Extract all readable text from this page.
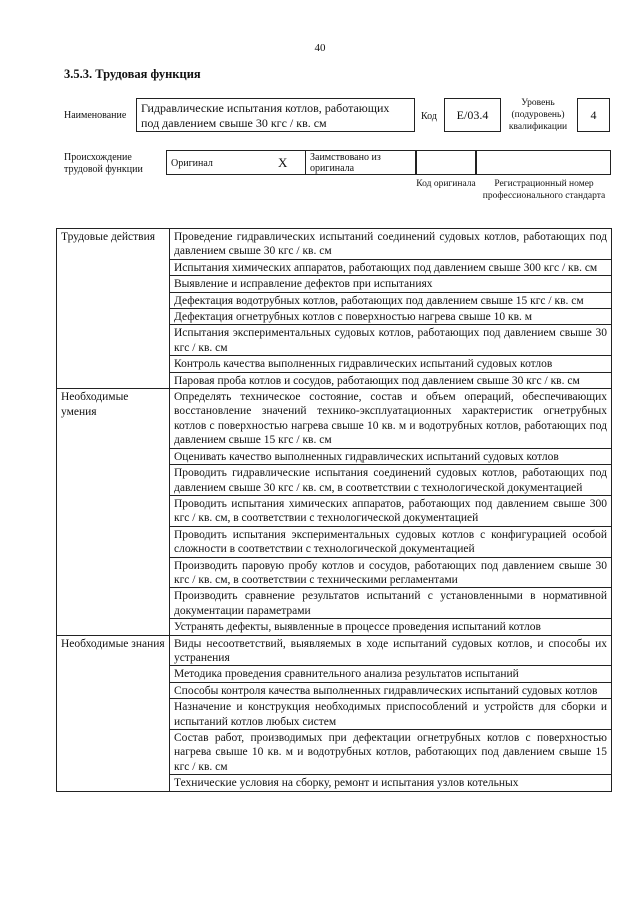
40
3.5.3. Трудовая функция
Наименование
Гидравлические испытания котлов, работающих под давлением свыше 30 кгс / кв. см	Код	E/03.4
Уровень (подуровень) квалификации
4
Происхождение трудовой функции
Оригинал	X	Заимствовано из оригинала
Код оригинала	Регистрационный номер профессионального стандарта
Трудовые действия	Проведение гидравлических испытаний соединений судовых котлов, работающих под давлением свыше 30 кгс / кв. см
	Испытания химических аппаратов, работающих под давлением свыше 300 кгс / кв. см
	Выявление и исправление дефектов при испытаниях
	Дефектация водотрубных котлов, работающих под давлением свыше 15 кгс / кв. см
	Дефектация огнетрубных котлов с поверхностью нагрева свыше 10 кв. м
	Испытания экспериментальных судовых котлов, работающих под давлением свыше 30 кгс / кв. см
	Контроль качества выполненных гидравлических испытаний судовых котлов
	Паровая проба котлов и сосудов, работающих под давлением свыше 30 кгс / кв. см
Необходимые умения	Определять техническое состояние, состав и объем операций, обеспечивающих восстановление значений технико-эксплуатационных характеристик огнетрубных котлов с поверхностью нагрева свыше 10 кв. м и водотрубных котлов, работающих под давлением свыше 15 кгс / кв. см
	Оценивать качество выполненных гидравлических испытаний судовых котлов
	Проводить гидравлические испытания соединений судовых котлов, работающих под давлением свыше 30 кгс / кв. см, в соответствии с технологической документацией
	Проводить испытания химических аппаратов, работающих под давлением свыше 300 кгс / кв. см, в соответствии с технологической документацией
	Проводить испытания экспериментальных судовых котлов с конфигурацией особой сложности в соответствии с технологической документацией
	Производить паровую пробу котлов и сосудов, работающих под давлением свыше 30 кгс / кв. см, в соответствии с техническими регламентами
	Производить сравнение результатов испытаний с установленными в нормативной документации параметрами
	Устранять дефекты, выявленные в процессе проведения испытаний котлов
Необходимые знания	Виды несоответствий, выявляемых в ходе испытаний судовых котлов, и способы их устранения
	Методика проведения сравнительного анализа результатов испытаний
	Способы контроля качества выполненных гидравлических испытаний судовых котлов
	Назначение и конструкция необходимых приспособлений и устройств для сборки и испытаний котлов любых систем
	Состав работ, производимых при дефектации огнетрубных котлов с поверхностью нагрева свыше 10 кв. м и водотрубных котлов, работающих под давлением свыше 15 кгс / кв. см
	Технические условия на сборку, ремонт и испытания узлов котельных
